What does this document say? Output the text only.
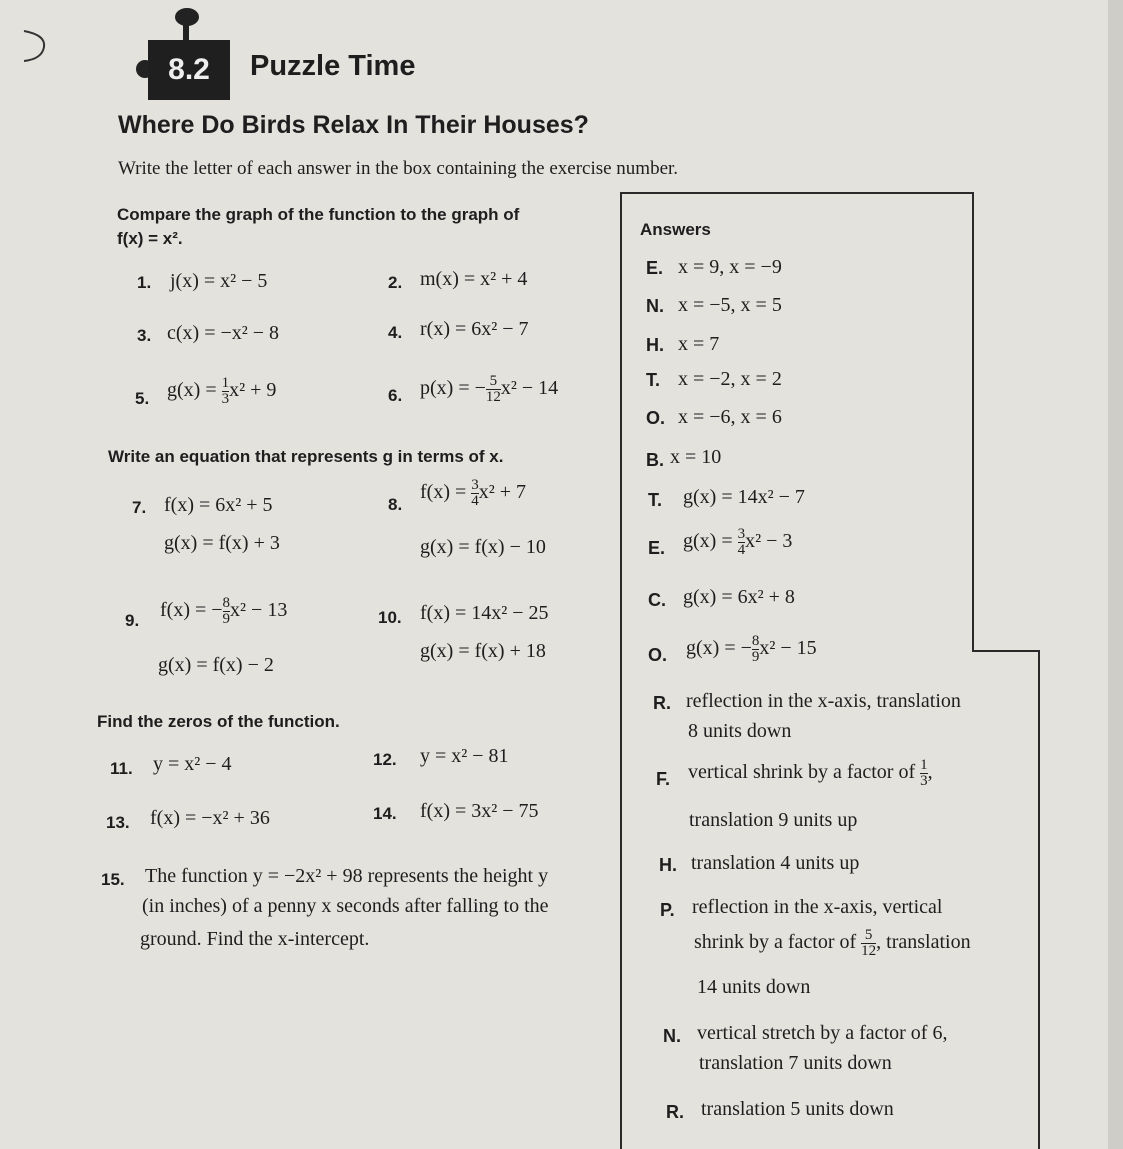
8.2	Puzzle Time
Where Do Birds Relax In Their Houses?
Write the letter of each answer in the box containing the exercise number.
Compare the graph of the function to the graph of
f(x) = x².
1. j(x) = x² − 5	2. m(x) = x² + 4
3. c(x) = −x² − 8	4. r(x) = 6x² − 7
5. $g(x) = \frac{1}{3} x^2 + 9$	6. p(x) = − $\frac{5}{12} x^2 - 14$
Write an equation that represents g in terms of x.
7. f(x) = 6x² + 5
g(x) = f(x) + 3
8.
$f(x) = \frac{3}{4} x^2 + 7$
g(x) = f(x) − 10
9. f(x) = − $\frac{8}{9} x^2 - 13$
g(x) = f(x) − 2
10. f(x) = 14x² − 25
g(x) = f(x) + 18
Find the zeros of the function.
11. y = x² − 4	12. y = x² − 81
13. f(x) = −x² + 36	14. f(x) = 3x² − 75
15. The function y = −2x² + 98 represents the height y
(in inches) of a penny x seconds after falling to the
ground. Find the x-intercept.
Answers
E. x = 9, x = −9
N. x = −5, x = 5
H. x = 7
T. x = −2, x = 2
O. x = −6, x = 6
B. x = 10
T. g(x) = 14x² − 7
E. $g(x) = \frac{3}{4} x^2 - 3$
C. g(x) = 6x² + 8
O. g(x) = − $\frac{8}{9} x^2 - 15$
R. reflection in the x-axis, translation
8 units down
F. vertical shrink by a factor of $\frac{1}{3}$ ,
translation 9 units up
H. translation 4 units up
P. reflection in the x-axis, vertical
shrink by a factor of $\frac{5}{12}$ , translation
14 units down
N. vertical stretch by a factor of 6,
translation 7 units down
R. translation 5 units down
